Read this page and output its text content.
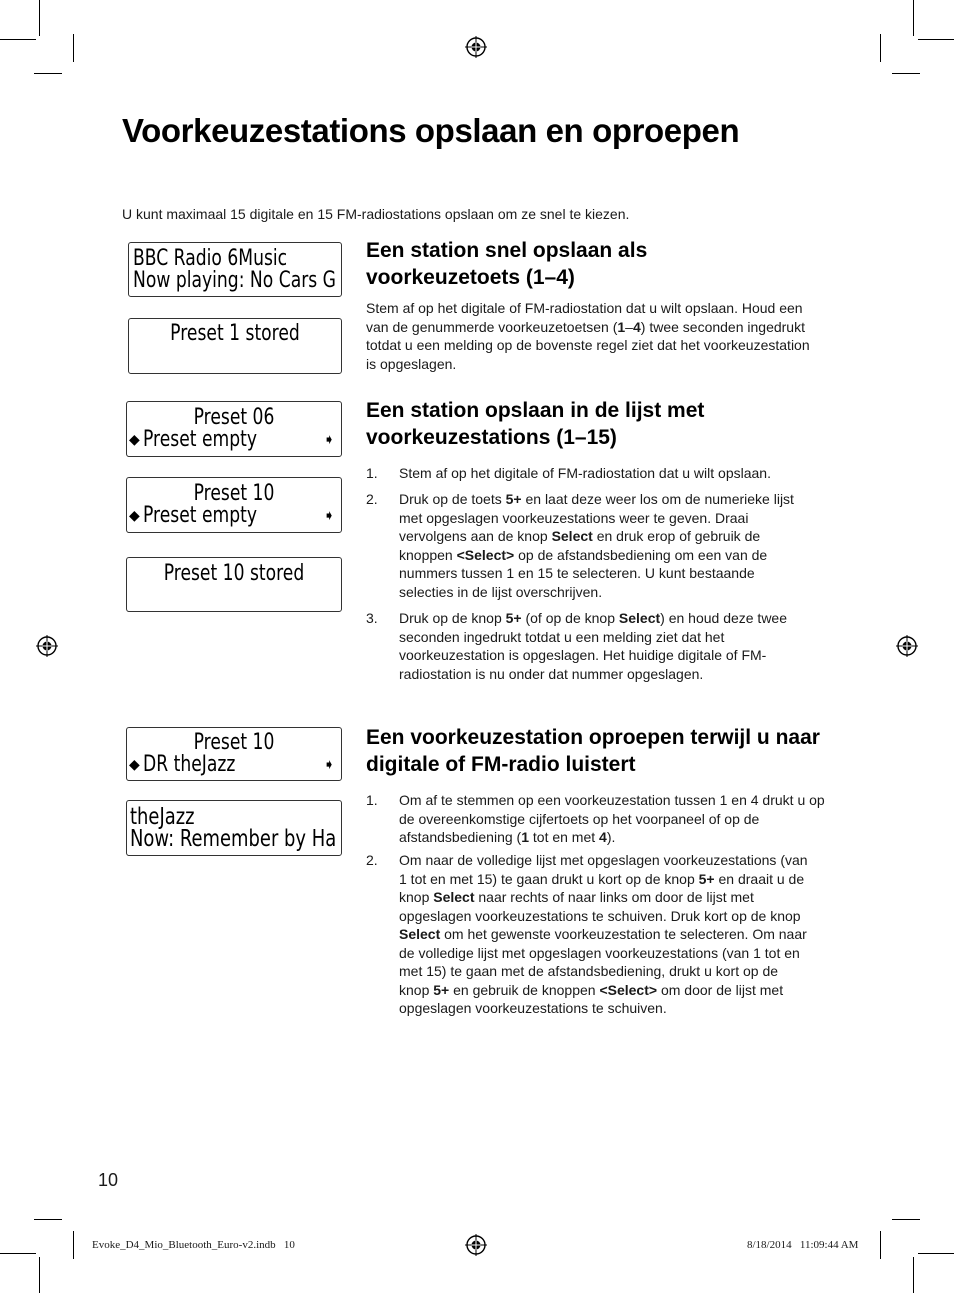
Voorkeuzestations opslaan en oproepen
U kunt maximaal 15 digitale en 15 FM-radiostations opslaan om ze snel te kiezen.
BBC Radio 6Music
Now playing: No Cars G
Preset 1 stored
Preset 06
◆ Preset empty	➧
Preset 10
◆ Preset empty	➧
Preset 10 stored
Preset 10
◆ DR theJazz	➧
theJazz
Now: Remember by Ha
Een station snel opslaan als voorkeuzetoets (1–4)

Stem af op het digitale of FM-radiostation dat u wilt opslaan. Houd een van de genummerde voorkeuzetoetsen (1–4) twee seconden ingedrukt totdat u een melding op de bovenste regel ziet dat het voorkeuzestation is opgeslagen.

Een station opslaan in de lijst met voorkeuzestations (1–15)
1. Stem af op het digitale of FM-radiostation dat u wilt opslaan.
2. Druk op de toets 5+ en laat deze weer los om de numerieke lijst met opgeslagen voorkeuzestations weer te geven. Draai vervolgens aan de knop Select en druk erop of gebruik de knoppen <Select> op de afstandsbediening om een van de nummers tussen 1 en 15 te selecteren. U kunt bestaande selecties in de lijst overschrijven.
3. Druk op de knop 5+ (of op de knop Select) en houd deze twee seconden ingedrukt totdat u een melding ziet dat het voorkeuzestation is opgeslagen. Het huidige digitale of FM-radiostation is nu onder dat nummer opgeslagen.
Een voorkeuzestation oproepen terwijl u naar digitale of FM-radio luistert
1. Om af te stemmen op een voorkeuzestation tussen 1 en 4 drukt u op de overeenkomstige cijfertoets op het voorpaneel of op de afstandsbediening (1 tot en met 4).
2. Om naar de volledige lijst met opgeslagen voorkeuzestations (van 1 tot en met 15) te gaan drukt u kort op de knop 5+ en draait u de knop Select naar rechts of naar links om door de lijst met opgeslagen voorkeuzestations te schuiven. Druk kort op de knop Select om het gewenste voorkeuzestation te selecteren. Om naar de volledige lijst met opgeslagen voorkeuzestations (van 1 tot en met 15) te gaan met de afstandsbediening, drukt u kort op de knop 5+ en gebruik de knoppen <Select> om door de lijst met opgeslagen voorkeuzestations te schuiven.
10
Evoke_D4_Mio_Bluetooth_Euro-v2.indb   10	8/18/2014   11:09:44 AM
